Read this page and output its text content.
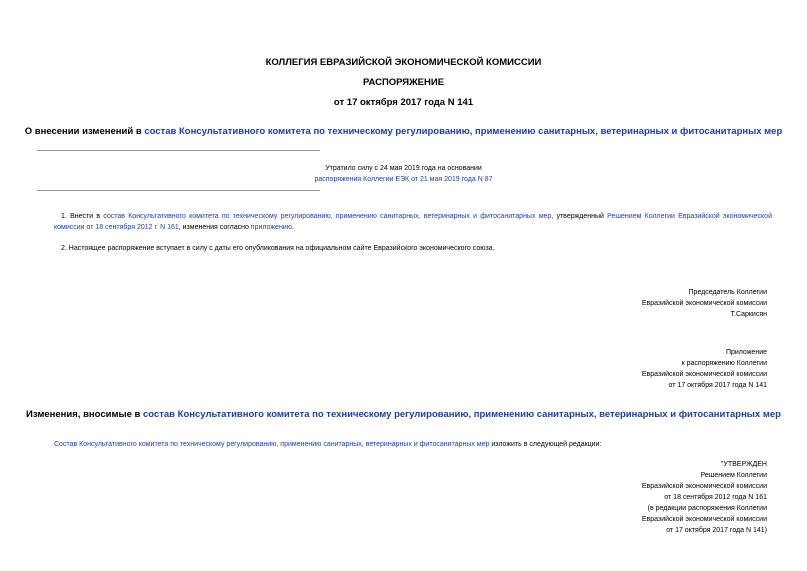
КОЛЛЕГИЯ ЕВРАЗИЙСКОЙ ЭКОНОМИЧЕСКОЙ КОМИССИИ
РАСПОРЯЖЕНИЕ
от 17 октября 2017 года N 141
О внесении изменений в состав Консультативного комитета по техническому регулированию, применению санитарных, ветеринарных и фитосанитарных мер
Утратило силу с 24 мая 2019 года на основании
распоряжения Коллегии ЕЭК от 21 мая 2019 года N 87
1. Внести в состав Консультативного комитета по техническому регулированию, применению санитарных, ветеринарных и фитосанитарных мер, утвержденный Решением Коллегии Евразийской экономической комиссии от 18 сентября 2012 г. N 161, изменения согласно приложению.
2. Настоящее распоряжение вступает в силу с даты его опубликования на официальном сайте Евразийского экономического союза.
Председатель Коллегии
Евразийской экономической комиссии
Т.Саркисян
Приложение
к распоряжению Коллегии
Евразийской экономической комиссии
от 17 октября 2017 года N 141
Изменения, вносимые в состав Консультативного комитета по техническому регулированию, применению санитарных, ветеринарных и фитосанитарных мер
Состав Консультативного комитета по техническому регулированию, применению санитарных, ветеринарных и фитосанитарных мер изложить в следующей редакции:
"УТВЕРЖДЕН
Решением Коллегии
Евразийской экономической комиссии
от 18 сентября 2012 года N 161
(в редакции распоряжения Коллегии
Евразийской экономической комиссии
от 17 октября 2017 года N 141)
